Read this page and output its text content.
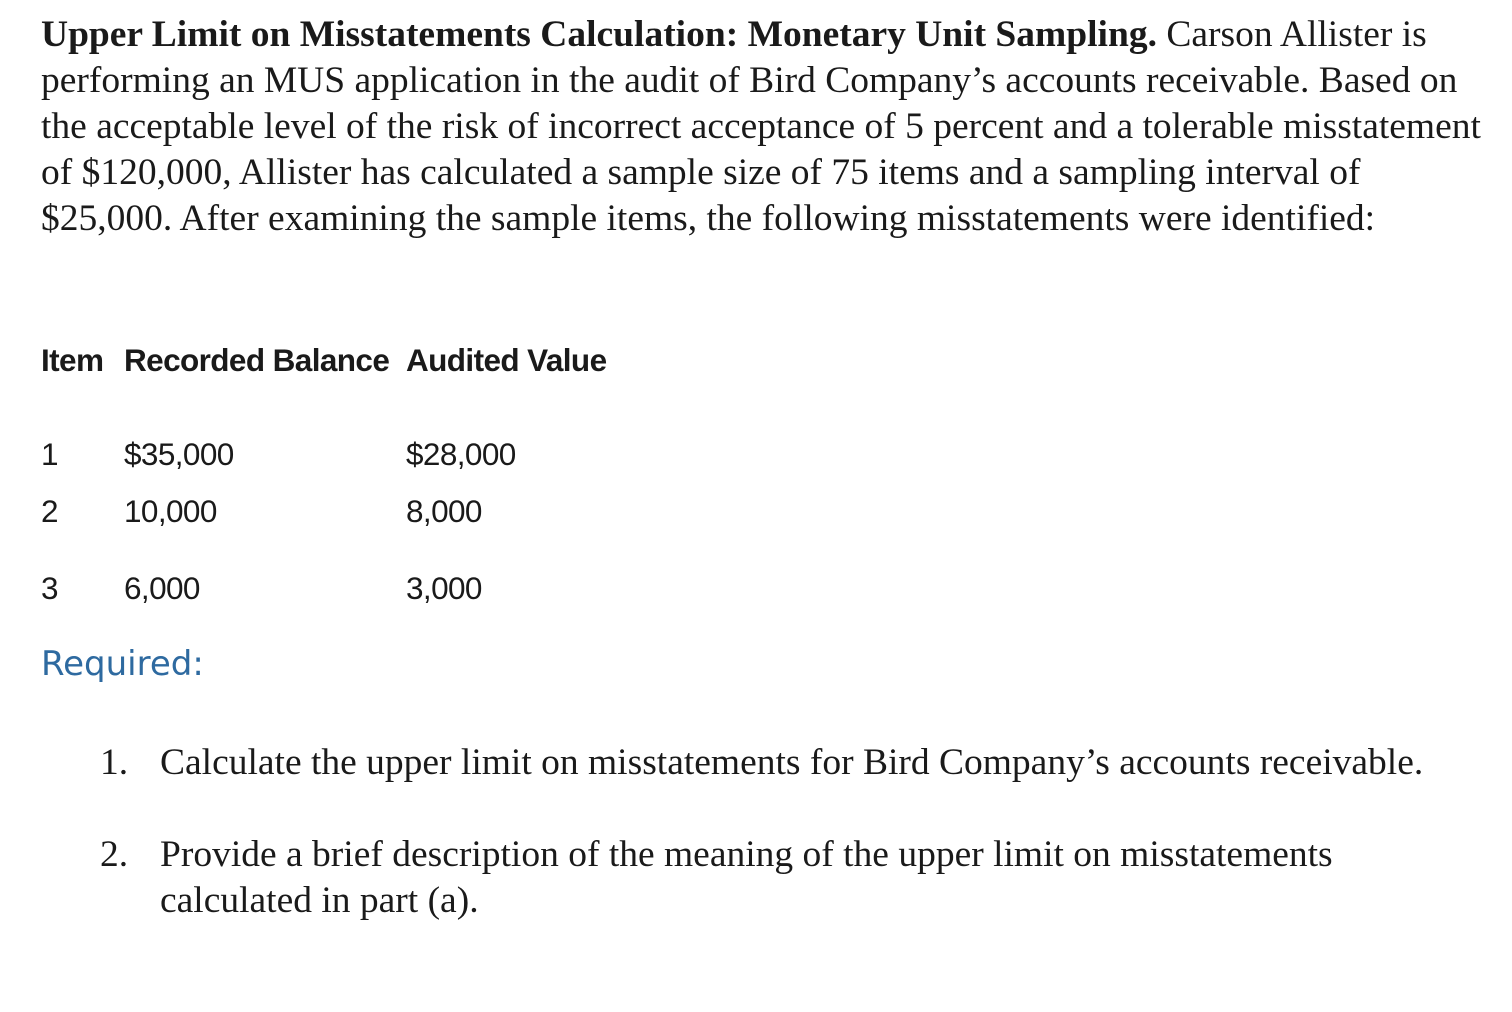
Upper Limit on Misstatements Calculation: Monetary Unit Sampling. Carson Allister is performing an MUS application in the audit of Bird Company’s accounts receivable. Based on the acceptable level of the risk of incorrect acceptance of 5 percent and a tolerable misstatement of $120,000, Allister has calculated a sample size of 75 items and a sampling interval of $25,000. After examining the sample items, the following misstatements were identified:

Item	Recorded Balance	Audited Value
1	$35,000	$28,000
2	10,000	8,000
3	6,000	3,000
Required:
1. Calculate the upper limit on misstatements for Bird Company’s accounts receivable.
2. Provide a brief description of the meaning of the upper limit on misstatements calculated in part (a).
